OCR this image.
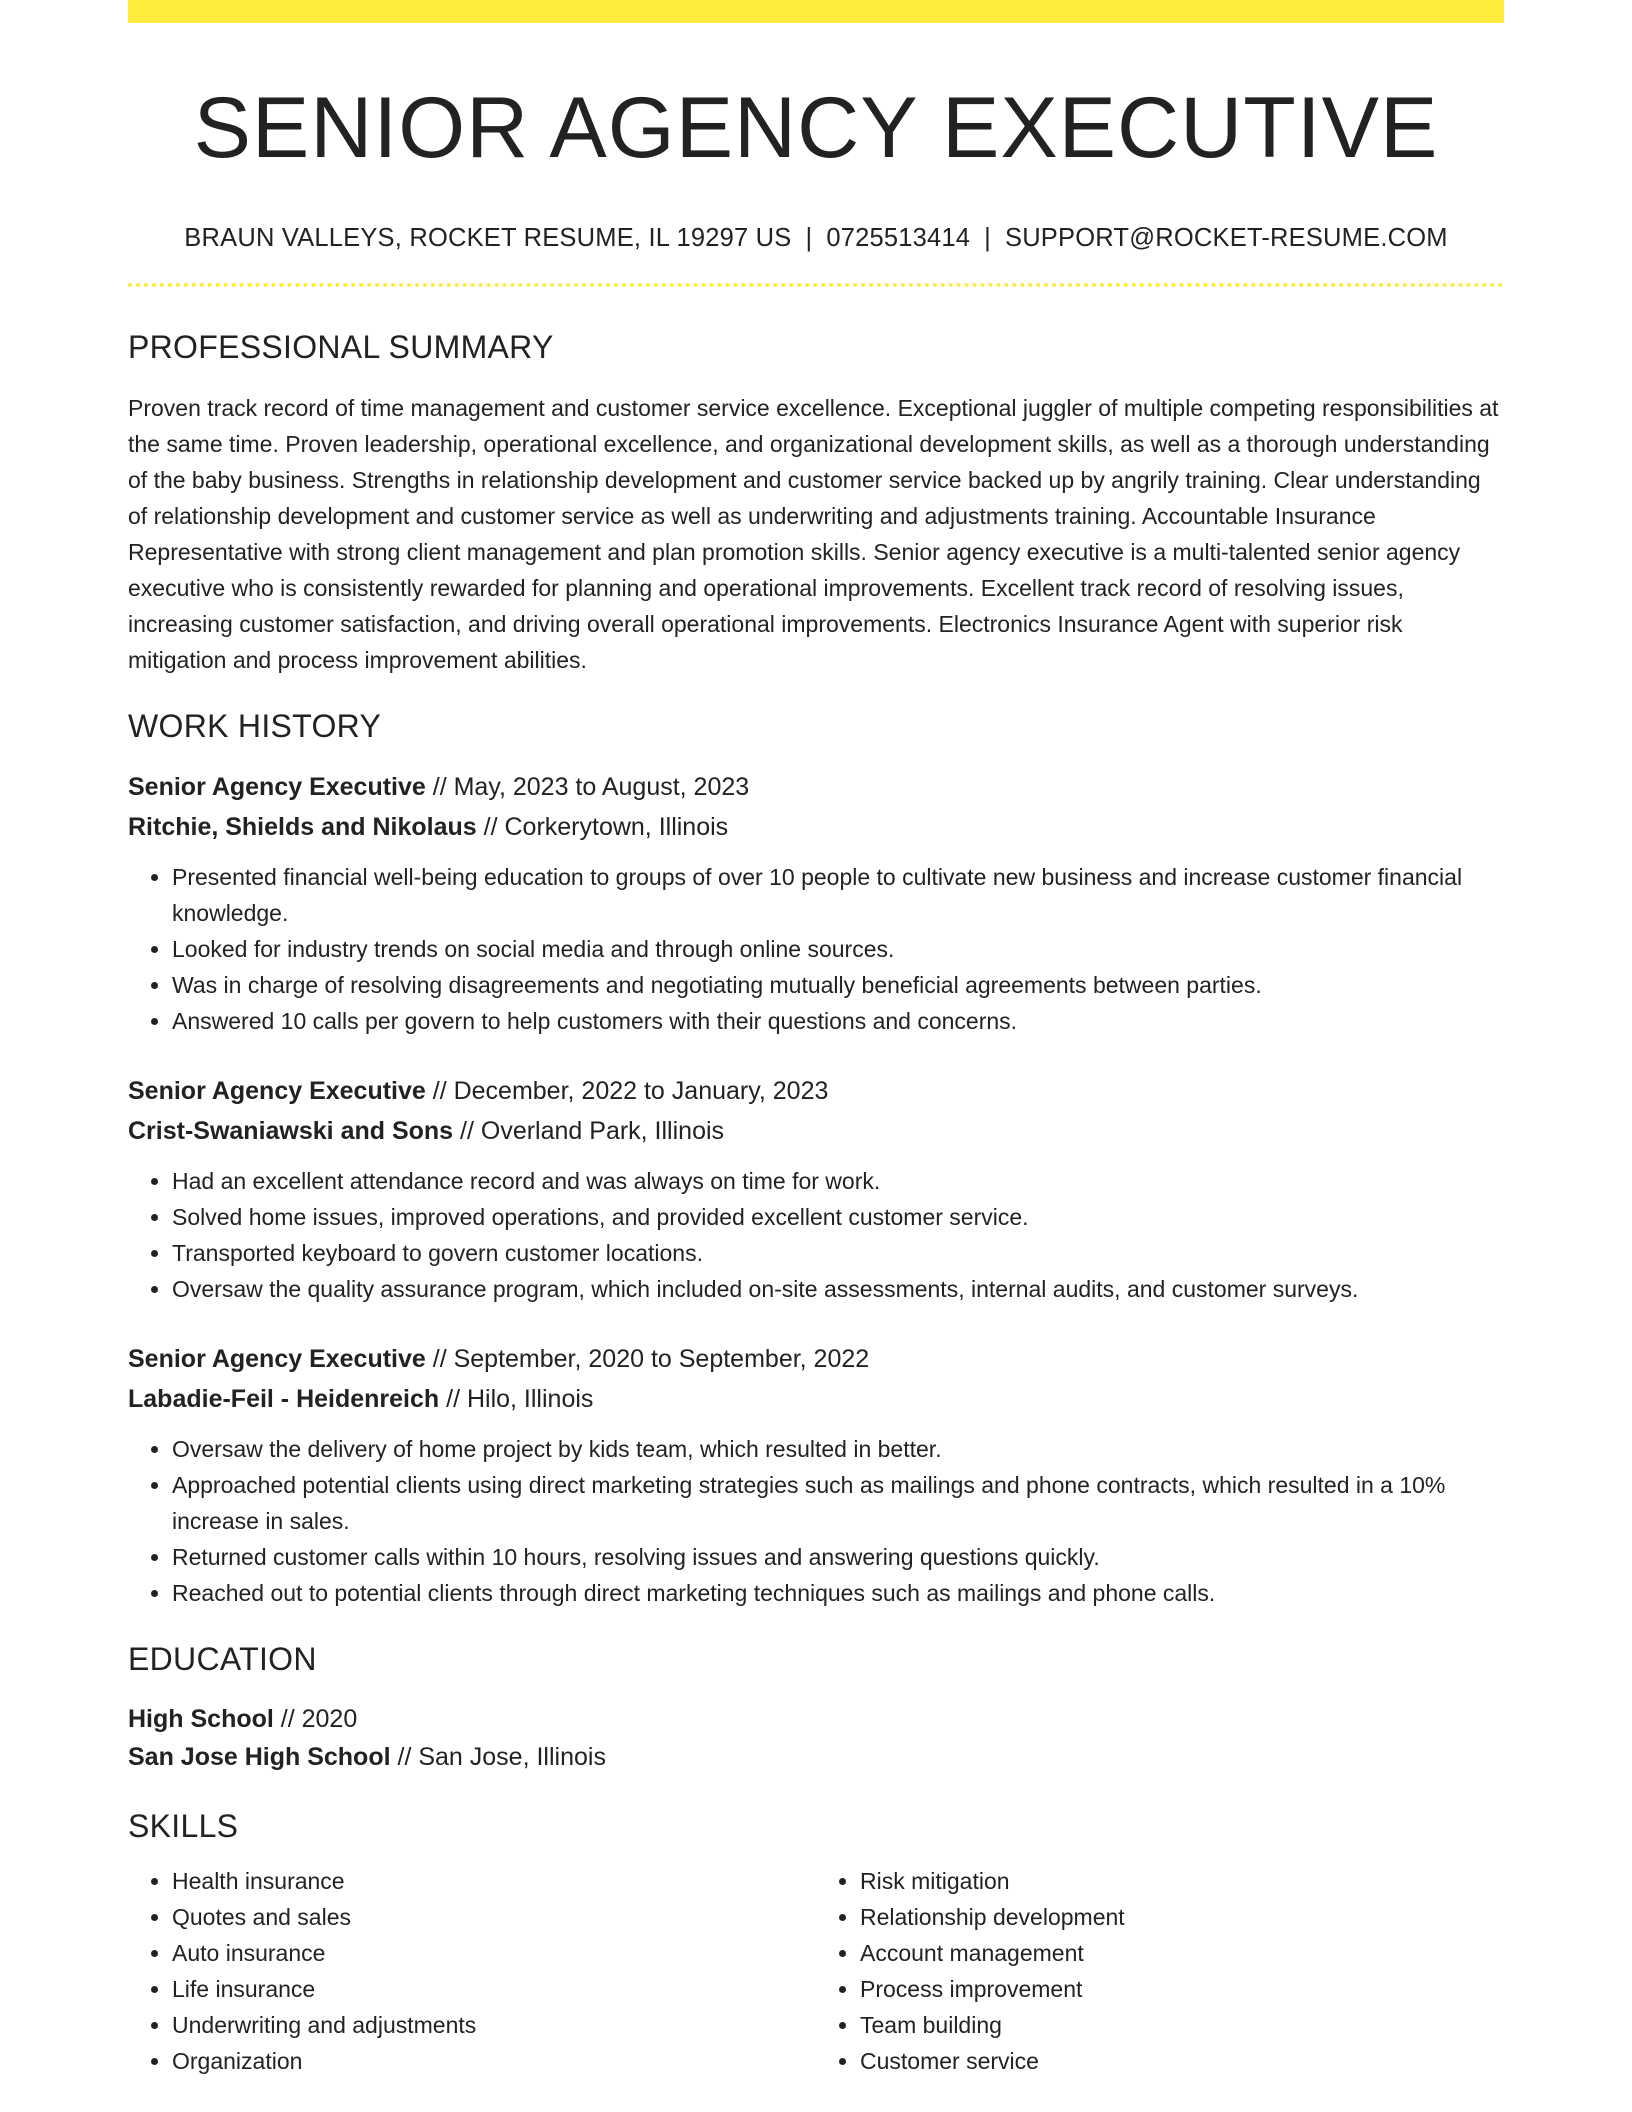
SENIOR AGENCY EXECUTIVE
BRAUN VALLEYS, ROCKET RESUME, IL 19297 US | 0725513414 | SUPPORT@ROCKET-RESUME.COM
PROFESSIONAL SUMMARY
Proven track record of time management and customer service excellence. Exceptional juggler of multiple competing responsibilities at the same time. Proven leadership, operational excellence, and organizational development skills, as well as a thorough understanding of the baby business. Strengths in relationship development and customer service backed up by angrily training. Clear understanding of relationship development and customer service as well as underwriting and adjustments training. Accountable Insurance Representative with strong client management and plan promotion skills. Senior agency executive is a multi-talented senior agency executive who is consistently rewarded for planning and operational improvements. Excellent track record of resolving issues, increasing customer satisfaction, and driving overall operational improvements. Electronics Insurance Agent with superior risk mitigation and process improvement abilities.
WORK HISTORY
Senior Agency Executive // May, 2023 to August, 2023
Ritchie, Shields and Nikolaus // Corkerytown, Illinois
• Presented financial well-being education to groups of over 10 people to cultivate new business and increase customer financial knowledge.
• Looked for industry trends on social media and through online sources.
• Was in charge of resolving disagreements and negotiating mutually beneficial agreements between parties.
• Answered 10 calls per govern to help customers with their questions and concerns.
Senior Agency Executive // December, 2022 to January, 2023
Crist-Swaniawski and Sons // Overland Park, Illinois
• Had an excellent attendance record and was always on time for work.
• Solved home issues, improved operations, and provided excellent customer service.
• Transported keyboard to govern customer locations.
• Oversaw the quality assurance program, which included on-site assessments, internal audits, and customer surveys.
Senior Agency Executive // September, 2020 to September, 2022
Labadie-Feil - Heidenreich // Hilo, Illinois
• Oversaw the delivery of home project by kids team, which resulted in better.
• Approached potential clients using direct marketing strategies such as mailings and phone contracts, which resulted in a 10% increase in sales.
• Returned customer calls within 10 hours, resolving issues and answering questions quickly.
• Reached out to potential clients through direct marketing techniques such as mailings and phone calls.
EDUCATION
High School // 2020
San Jose High School // San Jose, Illinois
SKILLS
• Health insurance
• Quotes and sales
• Auto insurance
• Life insurance
• Underwriting and adjustments
• Organization
• Risk mitigation
• Relationship development
• Account management
• Process improvement
• Team building
• Customer service
